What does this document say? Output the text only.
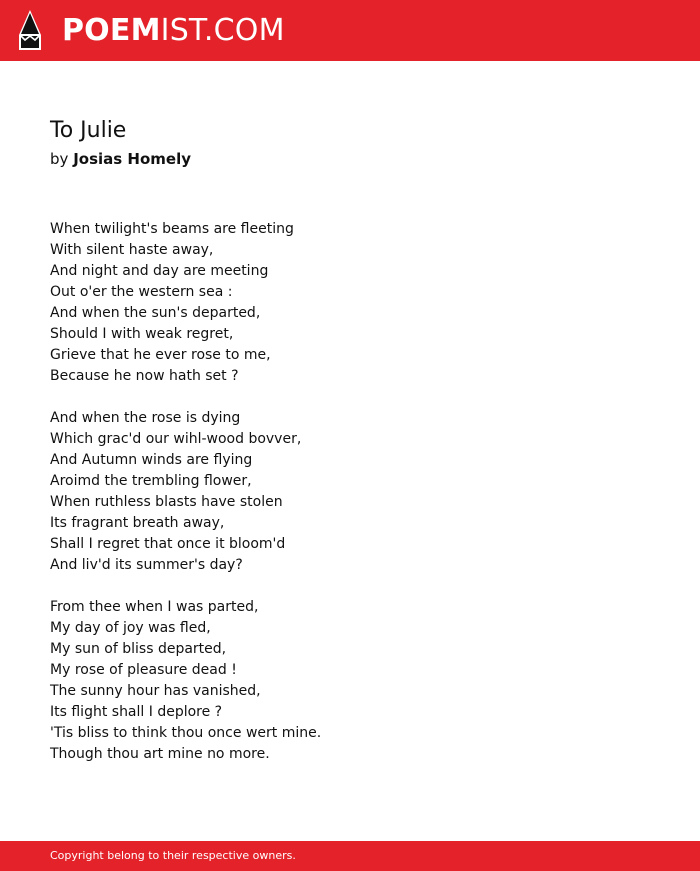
POEMIST.COM
To Julie
by Josias Homely
When twilight's beams are fleeting
With silent haste away,
And night and day are meeting
Out o'er the western sea :
And when the sun's departed,
Should I with weak regret,
Grieve that he ever rose to me,
Because he now hath set ?
And when the rose is dying
Which grac'd our wihl-wood bovver,
And Autumn winds are flying
Aroimd the trembling flower,
When ruthless blasts have stolen
Its fragrant breath away,
Shall I regret that once it bloom'd
And liv'd its summer's day?
From thee when I was parted,
My day of joy was fled,
My sun of bliss departed,
My rose of pleasure dead !
The sunny hour has vanished,
Its flight shall I deplore ?
'Tis bliss to think thou once wert mine.
Though thou art mine no more.
Copyright belong to their respective owners.
